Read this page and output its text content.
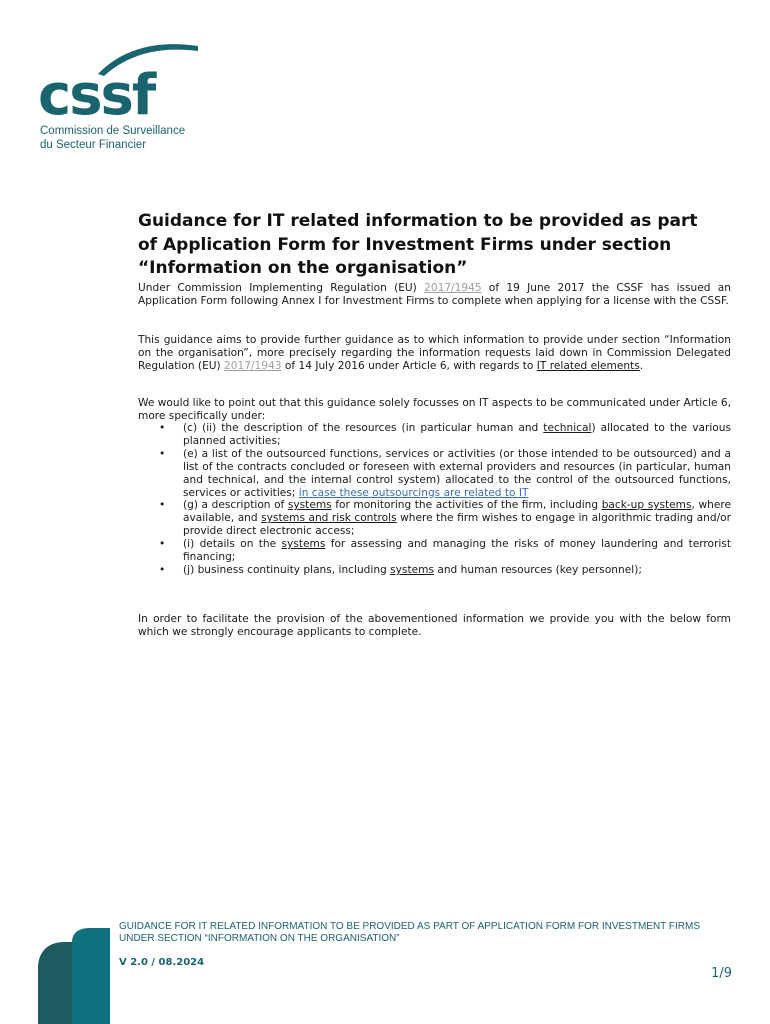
cssf
Commission de Surveillance
du Secteur Financier
Guidance for IT related information to be provided as part of Application Form for Investment Firms under section “Information on the organisation”

Under Commission Implementing Regulation (EU) 2017/1945 of 19 June 2017 the CSSF has issued an Application Form following Annex I for Investment Firms to complete when applying for a license with the CSSF.

This guidance aims to provide further guidance as to which information to provide under section “Information on the organisation”, more precisely regarding the information requests laid down in Commission Delegated Regulation (EU) 2017/1943 of 14 July 2016 under Article 6, with regards to IT related elements.

We would like to point out that this guidance solely focusses on IT aspects to be communicated under Article 6, more specifically under:

• (c) (ii) the description of the resources (in particular human and technical) allocated to the various planned activities;
• (e) a list of the outsourced functions, services or activities (or those intended to be outsourced) and a list of the contracts concluded or foreseen with external providers and resources (in particular, human and technical, and the internal control system) allocated to the control of the outsourced functions, services or activities; in case these outsourcings are related to IT
• (g) a description of systems for monitoring the activities of the firm, including back-up systems, where available, and systems and risk controls where the firm wishes to engage in algorithmic trading and/or provide direct electronic access;
• (i) details on the systems for assessing and managing the risks of money laundering and terrorist financing;
• (j) business continuity plans, including systems and human resources (key personnel);

In order to facilitate the provision of the abovementioned information we provide you with the below form which we strongly encourage applicants to complete.

GUIDANCE FOR IT RELATED INFORMATION TO BE PROVIDED AS PART OF APPLICATION FORM FOR INVESTMENT FIRMS UNDER SECTION “INFORMATION ON THE ORGANISATION”

V 2.0 / 08.2024
1/9
